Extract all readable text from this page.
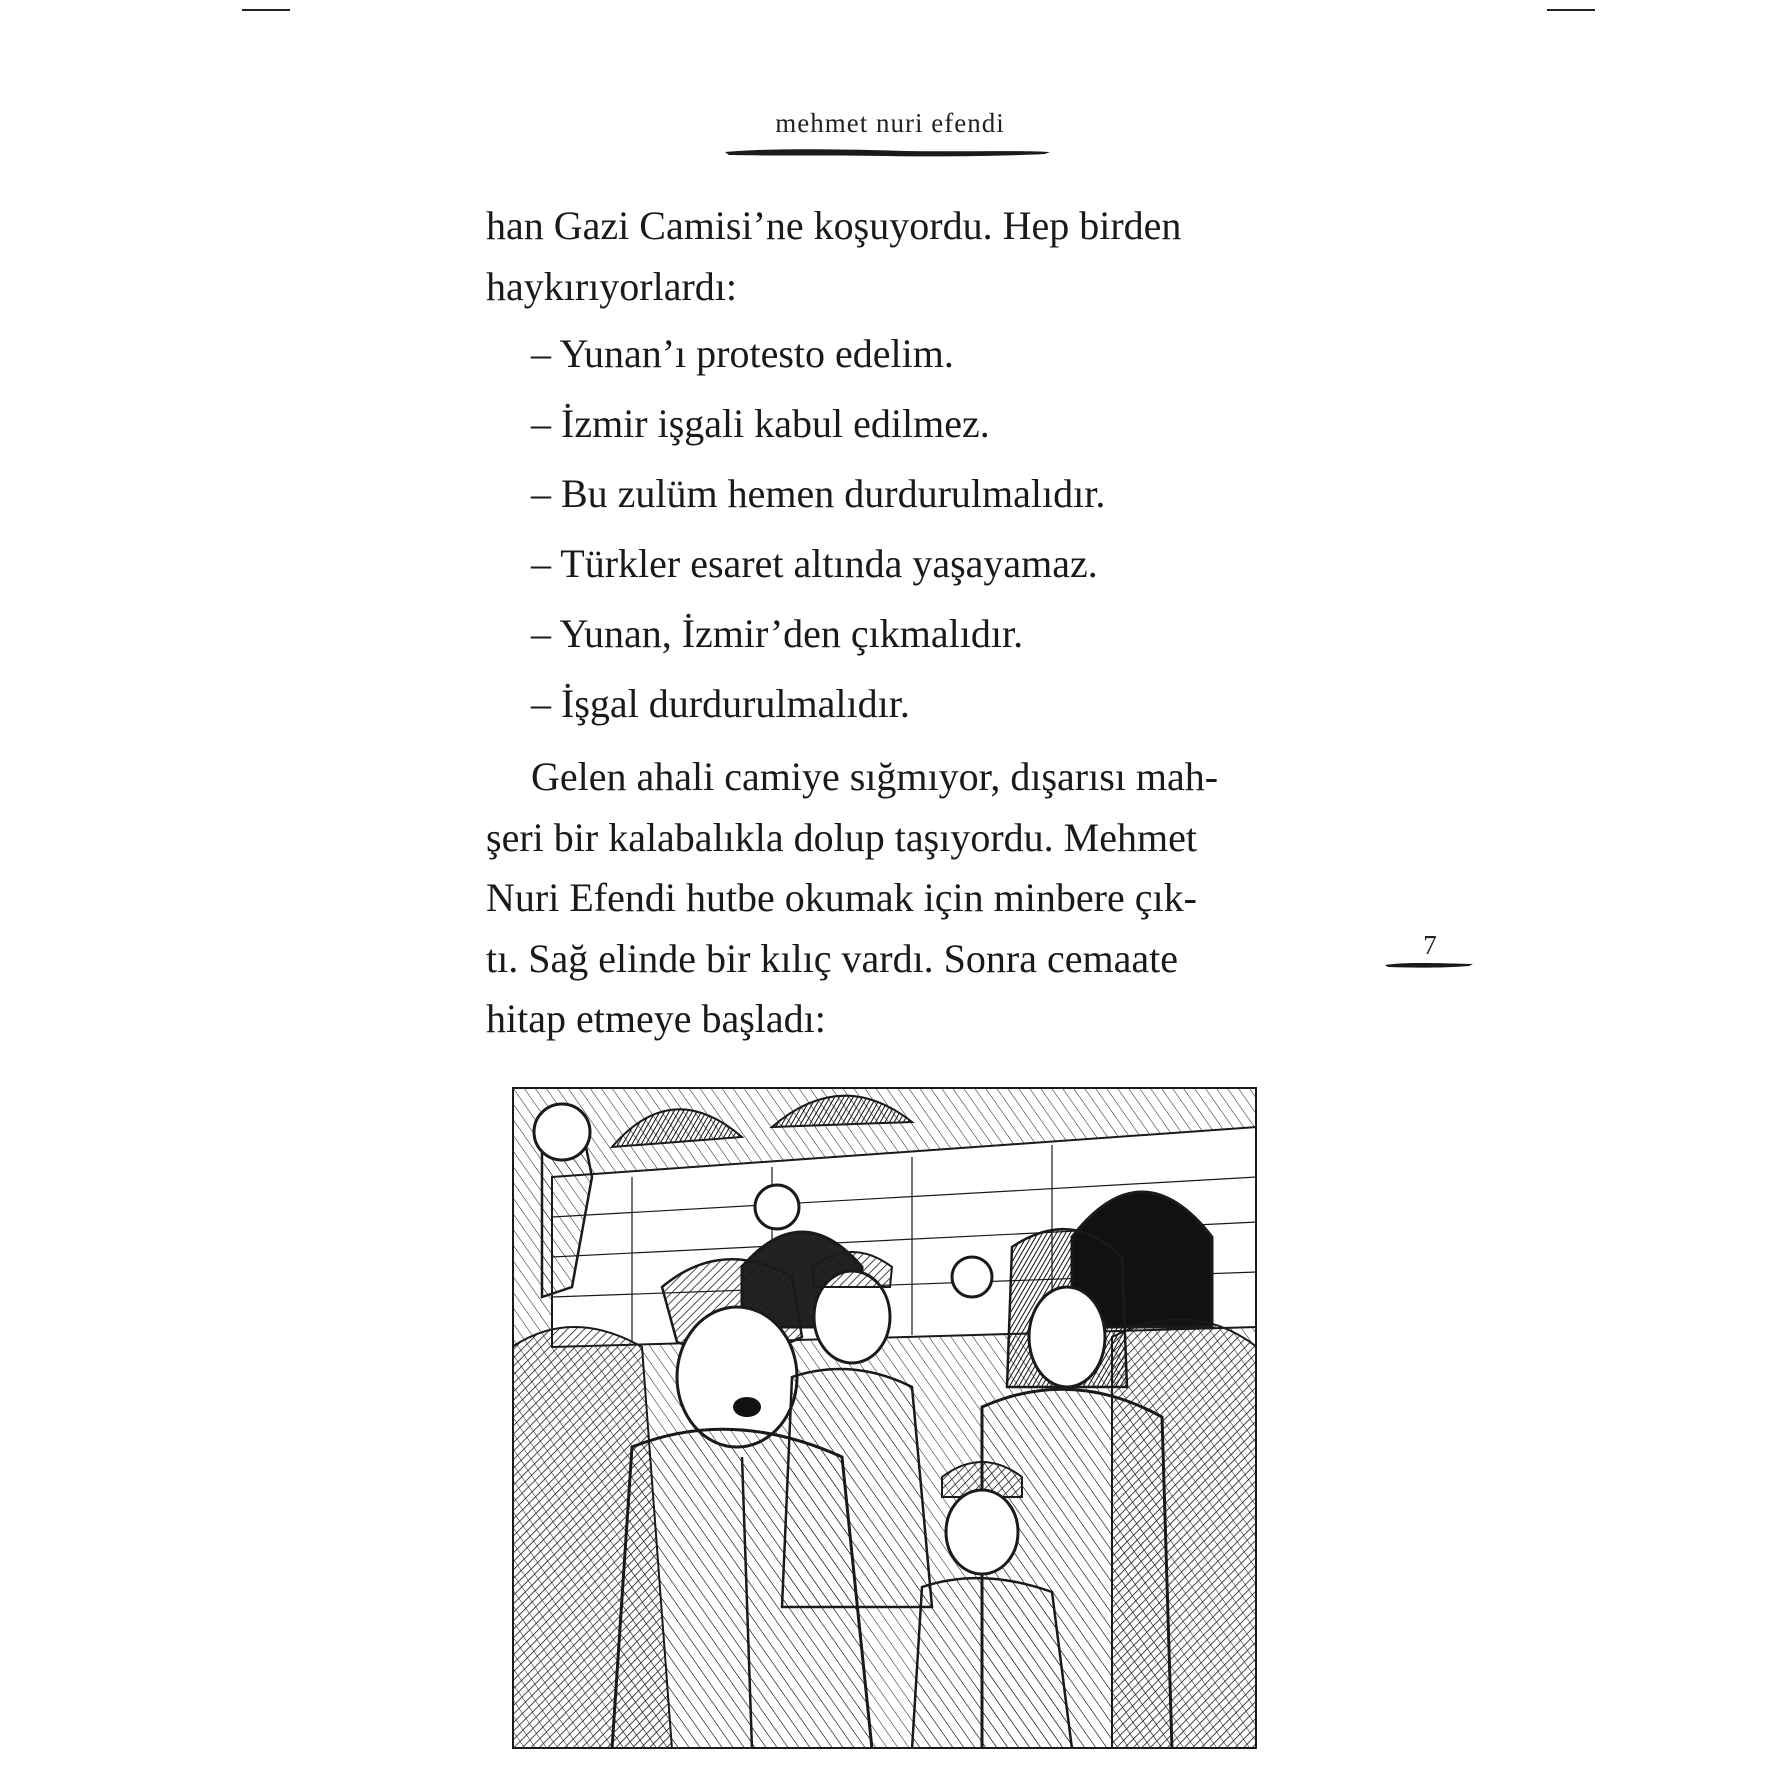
mehmet nuri efendi

han Gazi Camisi’ne koşuyordu. Hep birden
haykırıyorlardı:

– Yunan’ı protesto edelim.

– İzmir işgali kabul edilmez.

– Bu zulüm hemen durdurulmalıdır.

– Türkler esaret altında yaşayamaz.

– Yunan, İzmir’den çıkmalıdır.

– İşgal durdurulmalıdır.

Gelen ahali camiye sığmıyor, dışarısı mah-
şeri bir kalabalıkla dolup taşıyordu. Mehmet
Nuri Efendi hutbe okumak için minbere çık-
tı. Sağ elinde bir kılıç vardı. Sonra cemaate
hitap etmeye başladı:

7
